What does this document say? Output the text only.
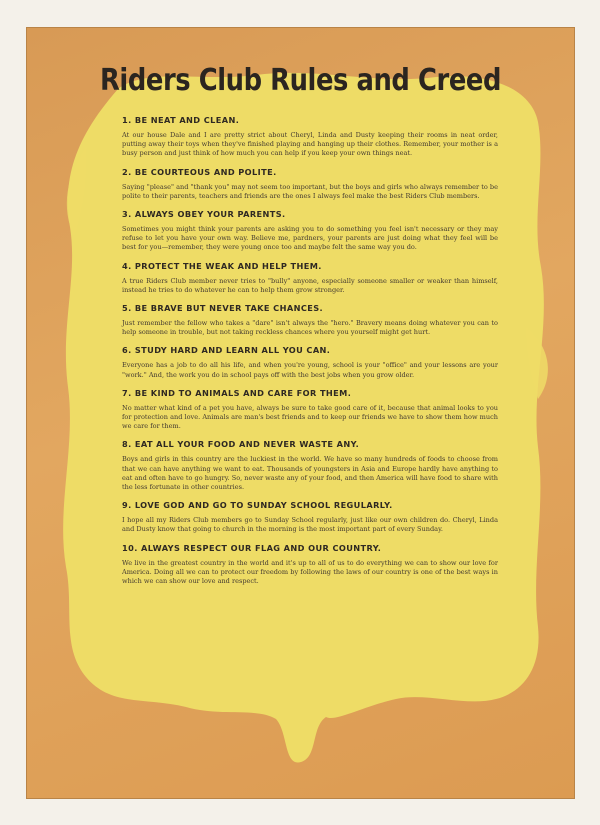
Riders Club Rules and Creed
1. BE NEAT AND CLEAN.

At our house Dale and I are pretty strict about Cheryl, Linda and Dusty keeping their rooms in neat order, putting away their toys when they've finished playing and hanging up their clothes. Remember, your mother is a busy person and just think of how much you can help if you keep your own things neat.

2. BE COURTEOUS AND POLITE.

Saying "please" and "thank you" may not seem too important, but the boys and girls who always remember to be polite to their parents, teachers and friends are the ones I always feel make the best Riders Club members.

3. ALWAYS OBEY YOUR PARENTS.

Sometimes you might think your parents are asking you to do something you feel isn't necessary or they may refuse to let you have your own way. Believe me, pardners, your parents are just doing what they feel will be best for you—remember, they were young once too and maybe felt the same way you do.

4. PROTECT THE WEAK AND HELP THEM.

A true Riders Club member never tries to "bully" anyone, especially someone smaller or weaker than himself, instead he tries to do whatever he can to help them grow stronger.

5. BE BRAVE BUT NEVER TAKE CHANCES.

Just remember the fellow who takes a "dare" isn't always the "hero." Bravery means doing whatever you can to help someone in trouble, but not taking reckless chances where you yourself might get hurt.

6. STUDY HARD AND LEARN ALL YOU CAN.

Everyone has a job to do all his life, and when you're young, school is your "office" and your lessons are your "work." And, the work you do in school pays off with the best jobs when you grow older.

7. BE KIND TO ANIMALS AND CARE FOR THEM.

No matter what kind of a pet you have, always be sure to take good care of it, because that animal looks to you for protection and love. Animals are man's best friends and to keep our friends we have to show them how much we care for them.

8. EAT ALL YOUR FOOD AND NEVER WASTE ANY.

Boys and girls in this country are the luckiest in the world. We have so many hundreds of foods to choose from that we can have anything we want to eat. Thousands of youngsters in Asia and Europe hardly have anything to eat and often have to go hungry. So, never waste any of your food, and then America will have food to share with the less fortunate in other countries.

9. LOVE GOD AND GO TO SUNDAY SCHOOL REGULARLY.

I hope all my Riders Club members go to Sunday School regularly, just like our own children do. Cheryl, Linda and Dusty know that going to church in the morning is the most important part of every Sunday.

10. ALWAYS RESPECT OUR FLAG AND OUR COUNTRY.

We live in the greatest country in the world and it's up to all of us to do everything we can to show our love for America. Doing all we can to protect our freedom by following the laws of our country is one of the best ways in which we can show our love and respect.
